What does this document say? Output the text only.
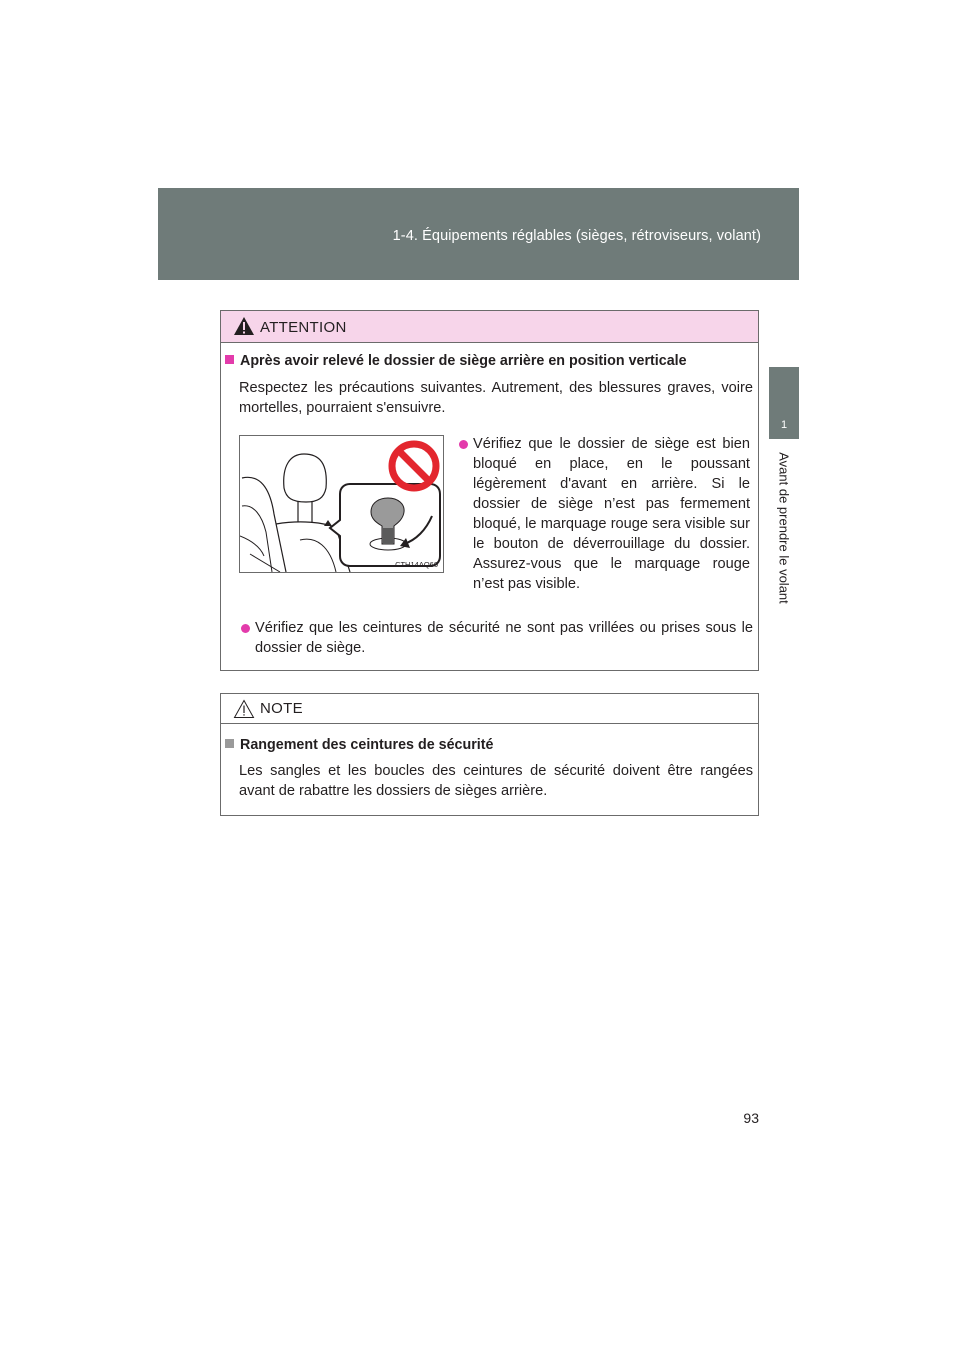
1-4. Équipements réglables (sièges, rétroviseurs, volant)
1
Avant de prendre le volant
ATTENTION
Après avoir relevé le dossier de siège arrière en position verticale
Respectez les précautions suivantes. Autrement, des blessures graves, voire mortelles, pourraient s'ensuivre.
CTH14AQ60
Vérifiez que le dossier de siège est bien bloqué en place, en le poussant légèrement d'avant en arrière. Si le dossier de siège n’est pas fermement bloqué, le marquage rouge sera visible sur le bouton de déverrouillage du dossier. Assurez-vous que le marquage rouge n’est pas visible.
Vérifiez que les ceintures de sécurité ne sont pas vrillées ou prises sous le dossier de siège.
NOTE
Rangement des ceintures de sécurité
Les sangles et les boucles des ceintures de sécurité doivent être rangées avant de rabattre les dossiers de sièges arrière.
93
